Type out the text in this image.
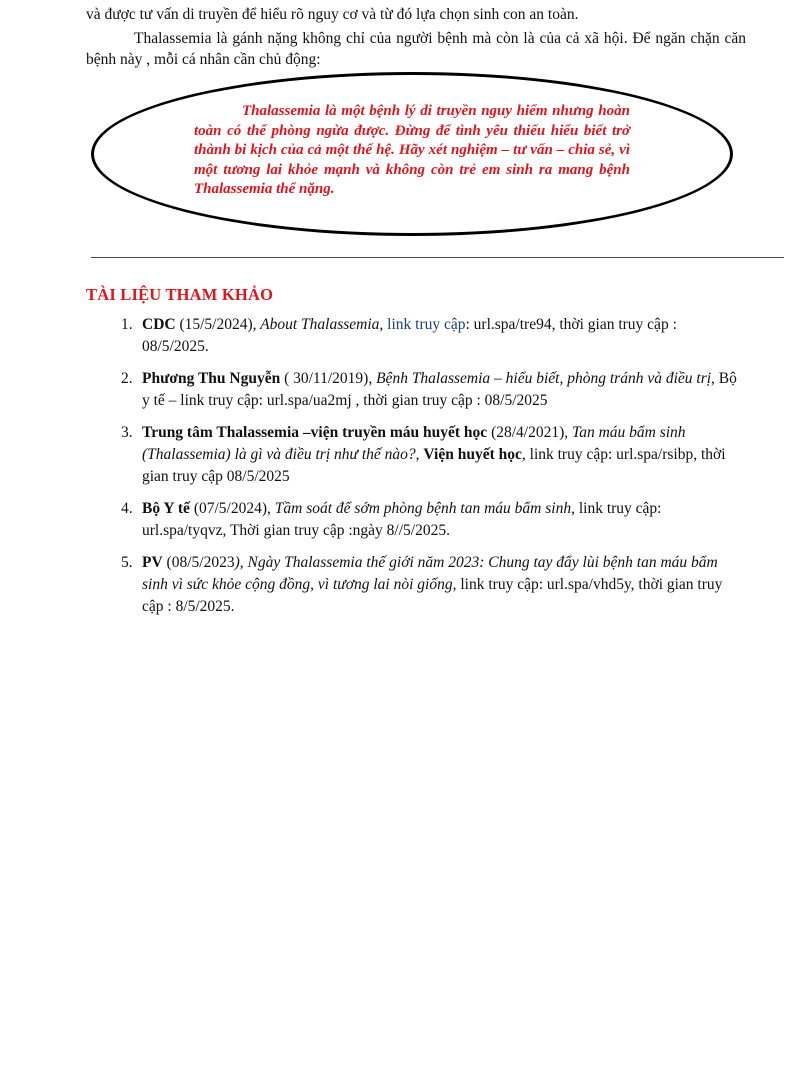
và được tư vấn di truyền để hiểu rõ nguy cơ và từ đó lựa chọn sinh con an toàn.

Thalassemia là gánh nặng không chỉ của người bệnh mà còn là của cả xã hội. Để ngăn chặn căn bệnh này , mỗi cá nhân cần chủ động:

Thalassemia là một bệnh lý di truyền nguy hiểm nhưng hoàn toàn có thể phòng ngừa được. Đừng để tình yêu thiếu hiểu biết trở thành bi kịch của cả một thế hệ. Hãy xét nghiệm – tư vấn – chia sẻ, vì một tương lai khỏe mạnh và không còn trẻ em sinh ra mang bệnh Thalassemia thể nặng.

TÀI LIỆU THAM KHẢO
1. CDC (15/5/2024), About Thalassemia, link truy cập: url.spa/tre94, thời gian truy cập : 08/5/2025.
2. Phương Thu Nguyễn ( 30/11/2019), Bệnh Thalassemia – hiểu biết, phòng tránh và điều trị, Bộ y tế – link truy cập: url.spa/ua2mj , thời gian truy cập : 08/5/2025
3. Trung tâm Thalassemia –viện truyền máu huyết học (28/4/2021), Tan máu bẩm sinh (Thalassemia) là gì và điều trị như thế nào?, Viện huyết học, link truy cập: url.spa/rsibp, thời gian truy cập 08/5/2025
4. Bộ Y tế (07/5/2024), Tầm soát để sớm phòng bệnh tan máu bẩm sinh, link truy cập: url.spa/tyqvz, Thời gian truy cập :ngày 8//5/2025.
5. PV (08/5/2023), Ngày Thalassemia thế giới năm 2023: Chung tay đẩy lùi bệnh tan máu bẩm sinh vì sức khỏe cộng đồng, vì tương lai nòi giống, link truy cập: url.spa/vhd5y, thời gian truy cập : 8/5/2025.
